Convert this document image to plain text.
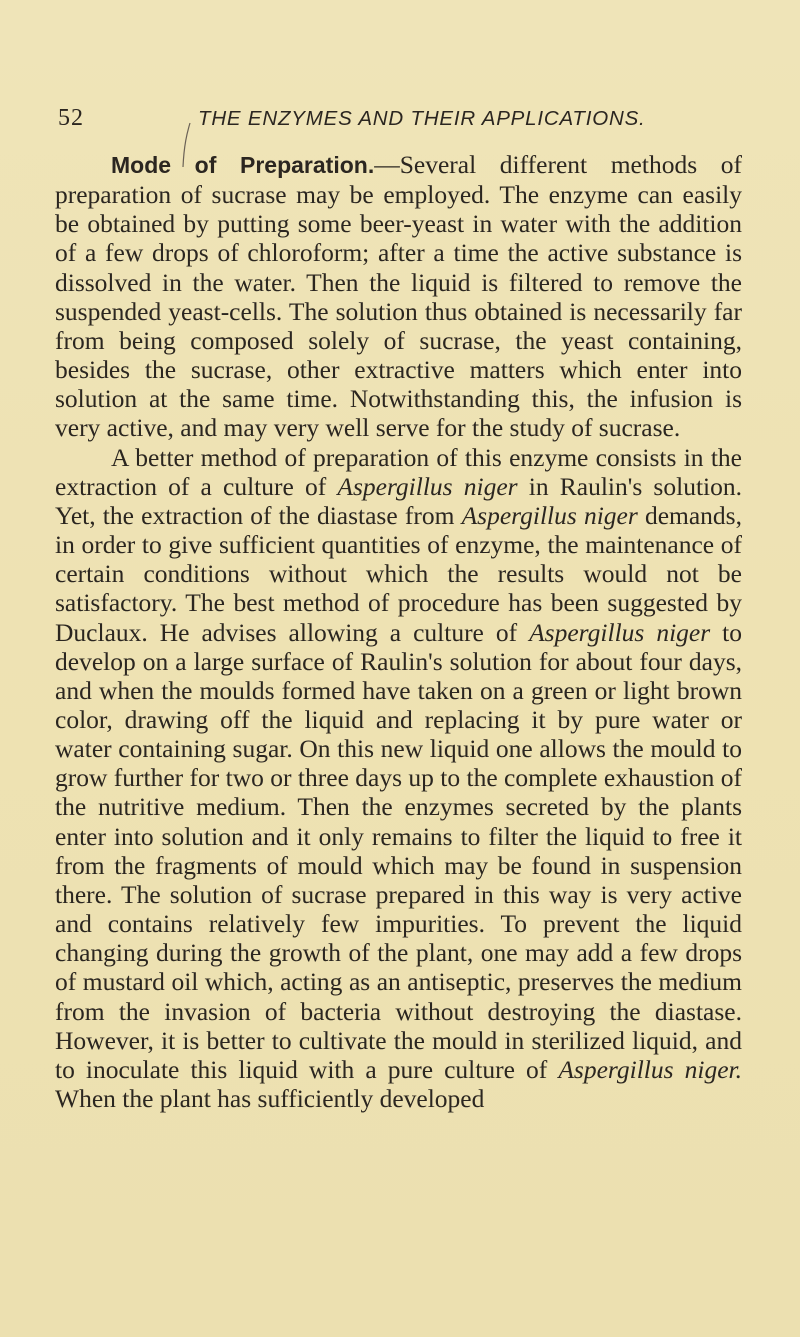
52	THE ENZYMES AND THEIR APPLICATIONS.

Mode of Preparation.—Several different methods of preparation of sucrase may be employed. The enzyme can easily be obtained by putting some beer-yeast in water with the addition of a few drops of chloroform; after a time the active substance is dissolved in the water. Then the liquid is filtered to remove the suspended yeast-cells. The solution thus obtained is necessarily far from being composed solely of sucrase, the yeast containing, besides the sucrase, other extractive matters which enter into solution at the same time. Notwithstanding this, the infusion is very active, and may very well serve for the study of sucrase.

A better method of preparation of this enzyme consists in the extraction of a culture of Aspergillus niger in Raulin's solution. Yet, the extraction of the diastase from Aspergillus niger demands, in order to give sufficient quantities of enzyme, the maintenance of certain conditions without which the results would not be satisfactory. The best method of procedure has been suggested by Duclaux. He advises allowing a culture of Aspergillus niger to develop on a large surface of Raulin's solution for about four days, and when the moulds formed have taken on a green or light brown color, drawing off the liquid and replacing it by pure water or water containing sugar. On this new liquid one allows the mould to grow further for two or three days up to the complete exhaustion of the nutritive medium. Then the enzymes secreted by the plants enter into solution and it only remains to filter the liquid to free it from the fragments of mould which may be found in suspension there. The solution of sucrase prepared in this way is very active and contains relatively few impurities. To prevent the liquid changing during the growth of the plant, one may add a few drops of mustard oil which, acting as an antiseptic, preserves the medium from the invasion of bacteria without destroying the diastase. However, it is better to cultivate the mould in sterilized liquid, and to inoculate this liquid with a pure culture of Aspergillus niger. When the plant has sufficiently developed
